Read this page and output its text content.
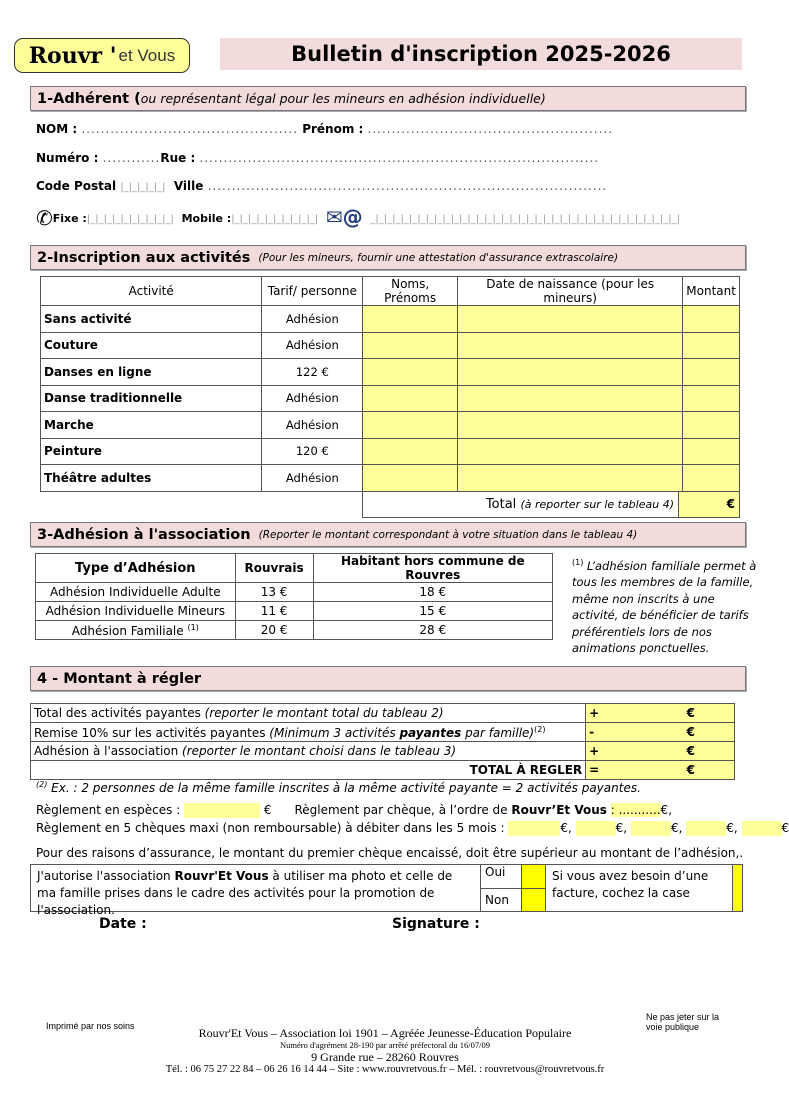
Rouvr ' et Vous	Bulletin d'inscription 2025-2026
1-Adhérent ( ou représentant légal pour les mineurs en adhésion individuelle)
NOM : ............................................. Prénom : ...................................................
Numéro : ............Rue : ...................................................................................
Code Postal |_|_|_|_|_| Ville ...................................................................................
✆Fixe :|_|_|_|_|_|_|_|_|_|_| Mobile :|_|_|_|_|_|_|_|_|_|_| ✉@ _|_|_|_|_|_|_|_|_|_|_|_|_|_|_|_|_|_|_|_|_|_|_|_|_|_|_|_|_|_|_|_|_|_|_|_|_|
2-Inscription aux activités (Pour les mineurs, fournir une attestation d'assurance extrascolaire)
Activité	Tarif/ personne	Noms, Prénoms	Date de naissance (pour les mineurs)	Montant
Sans activité	Adhésion			
Couture	Adhésion			
Danses en ligne	122 €			
Danse traditionnelle	Adhésion			
Marche	Adhésion			
Peinture	120 €			
Théâtre adultes	Adhésion			

		Total (à reporter sur le tableau 4) €		
3-Adhésion à l'association (Reporter le montant correspondant à votre situation dans le tableau 4)
Type d’Adhésion	Rouvrais	Habitant hors commune de Rouvres
Adhésion Individuelle Adulte	13 €	18 €
Adhésion Individuelle Mineurs	11 €	15 €
Adhésion Familiale $^{(1)}$	20 €	28 €
$^{(1)}$ L’adhésion familiale permet à tous les membres de la famille, même non inscrits à une activité, de bénéficier de tarifs préférentiels lors de nos animations ponctuelles.
4 - Montant à régler
Total des activités payantes (reporter le montant total du tableau 2)	+ €

Remise 10% sur les activités payantes (Minimum 3 activités payantes par famille)$^{(2)}$	- €

Adhésion à l'association (reporter le montant choisi dans le tableau 3)	+ €

TOTAL À REGLER	= €
$^{(2)}$ Ex. : 2 personnes de la même famille inscrites à la même activité payante = 2 activités payantes.
Règlement en espèces :	€ Règlement par chèque, à l’ordre de Rouvr’Et Vous : ...........€,
Règlement en 5 chèques maxi (non remboursable) à débiter dans les 5 mois :	€,	€,	€,	€,	€
Pour des raisons d’assurance, le montant du premier chèque encaissé, doit être supérieur au montant de l’adhésion,.
J'autorise l'association Rouvr'Et Vous à utiliser ma photo et celle de ma famille prises dans le cadre des activités pour la promotion de l'association.
Oui
Non
Si vous avez besoin d’une facture, cochez la case
Date :	Signature :
Imprimé par nos soins
Ne pas jeter sur la voie publique
Rouvr'Et Vous – Association loi 1901 – Agréée Jeunesse-Éducation Populaire
Numéro d'agrément 28-190 par arrêté préfectoral du 16/07/09
9 Grande rue – 28260 Rouvres
Tél. : 06 75 27 22 84 – 06 26 16 14 44 – Site : www.rouvretvous.fr – Mél. : rouvretvous@rouvretvous.fr
